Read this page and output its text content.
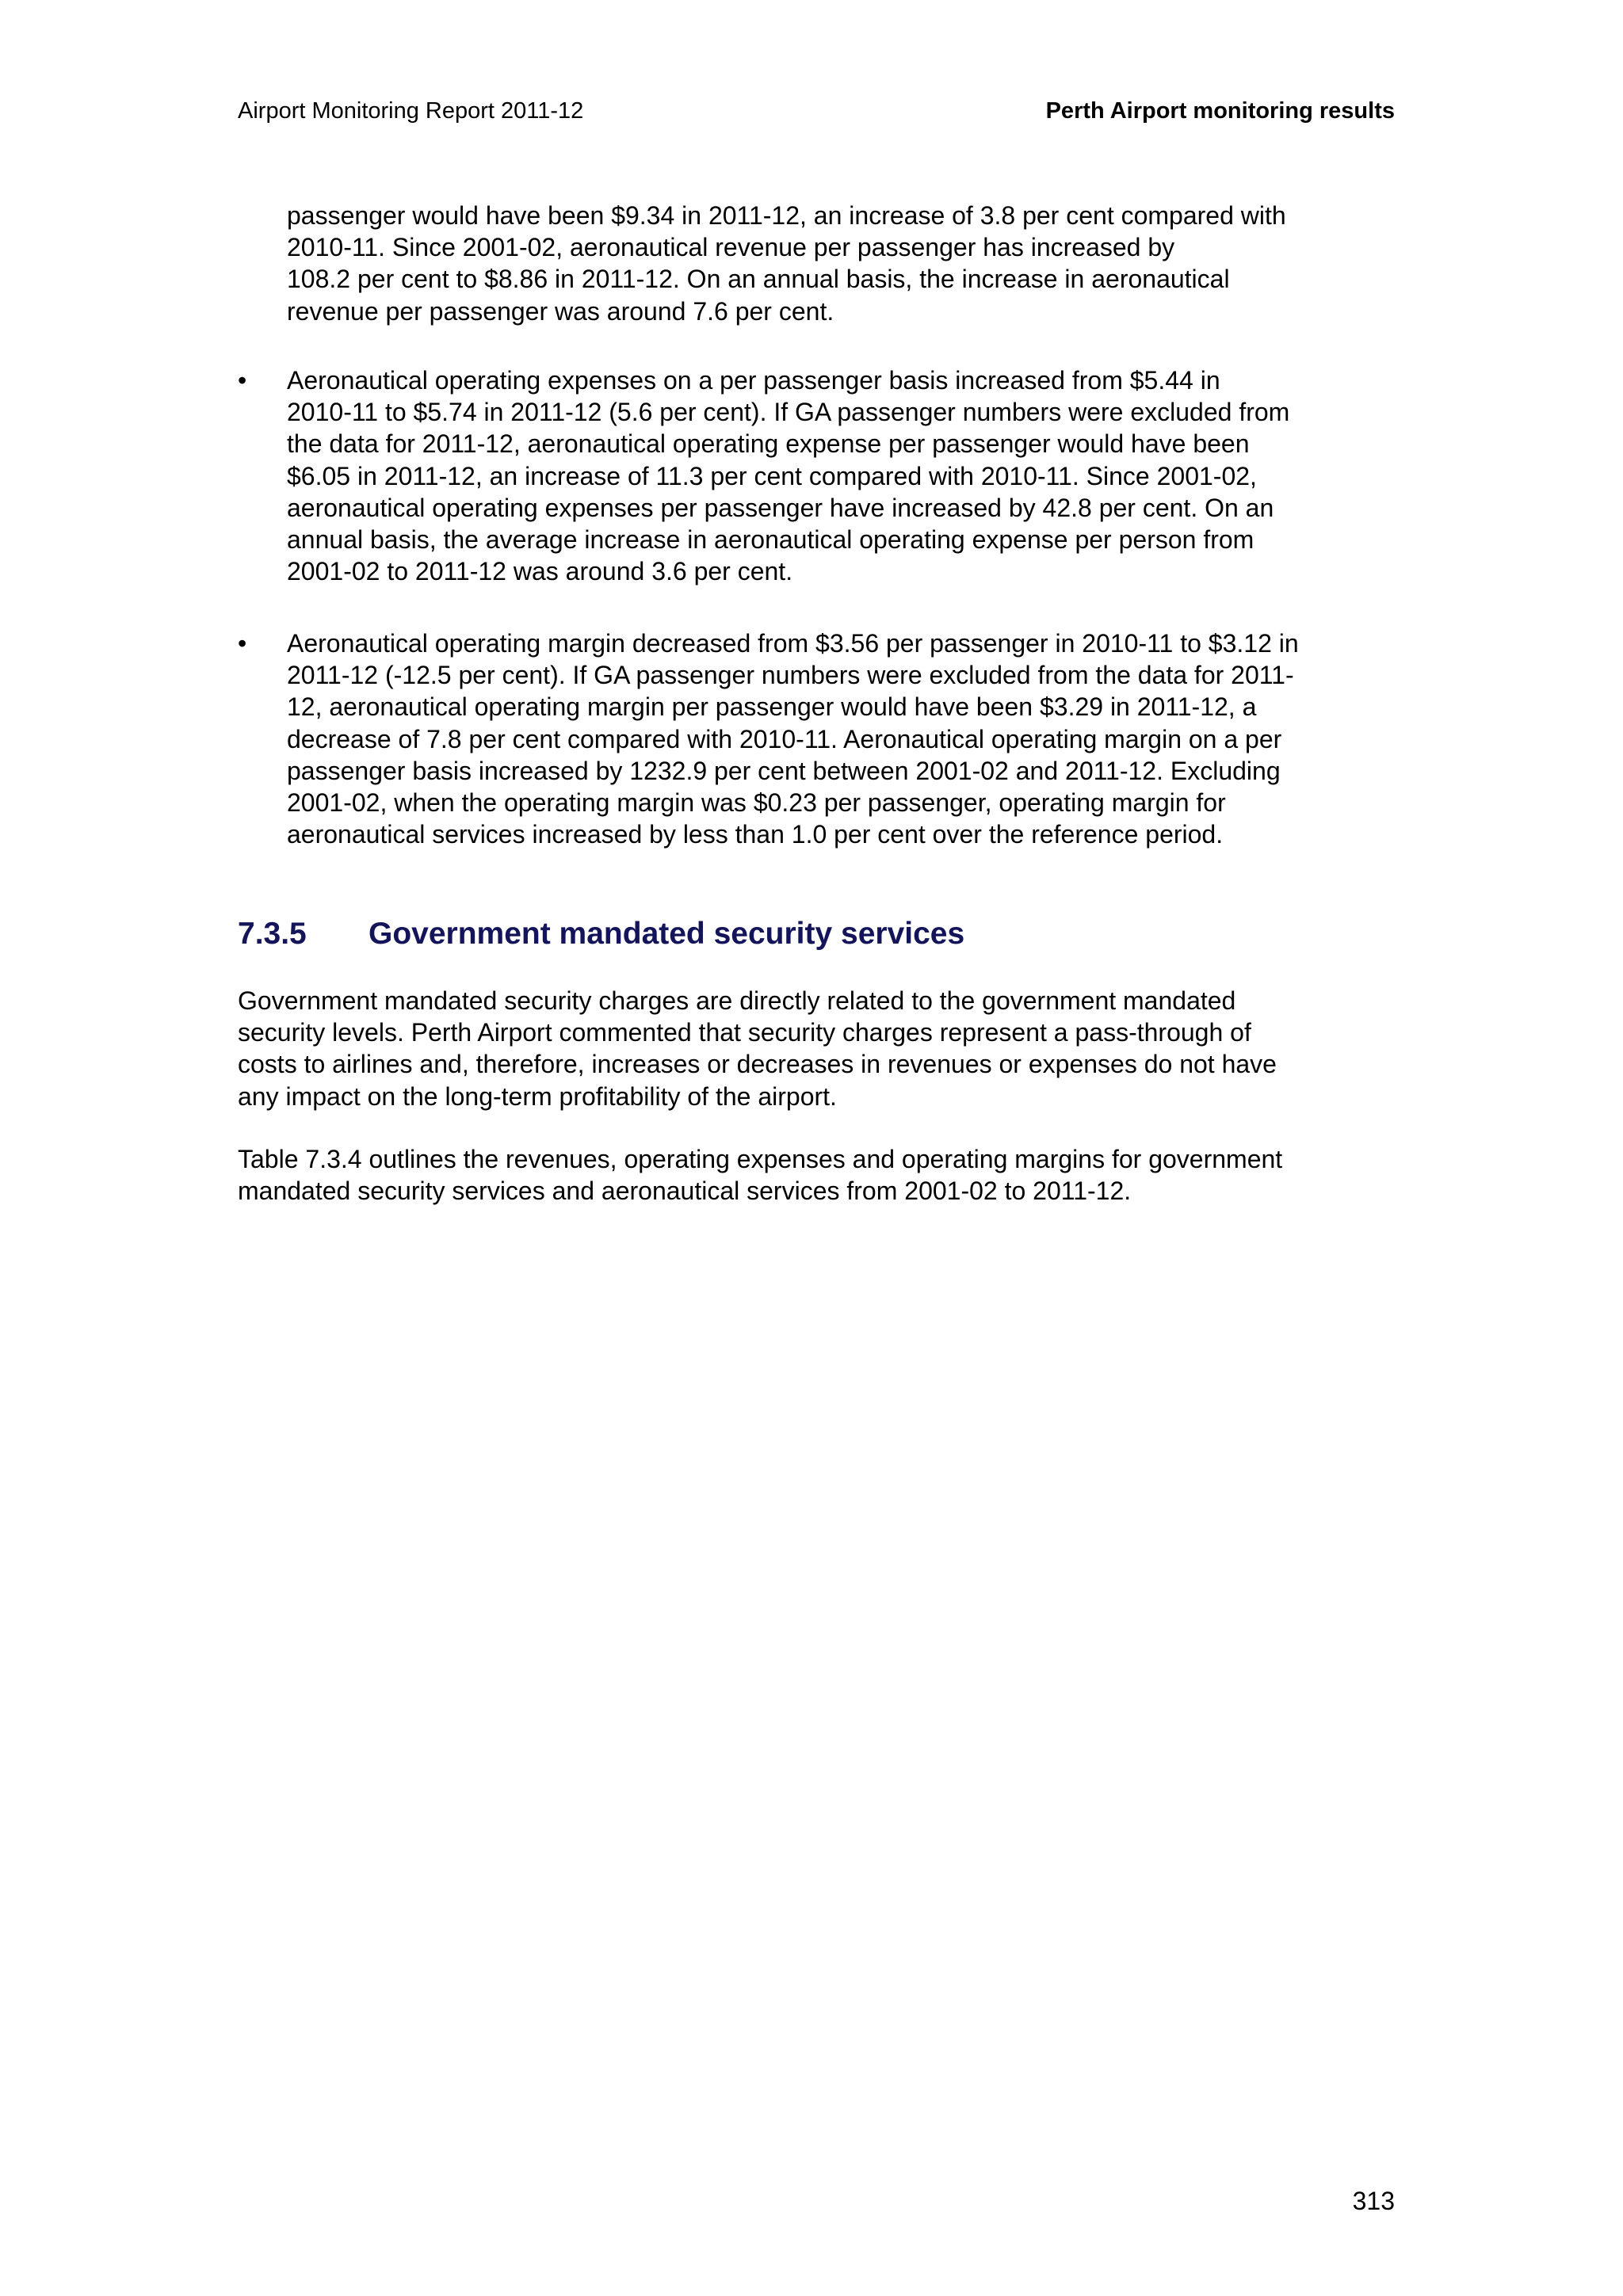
Airport Monitoring Report 2011-12	Perth Airport monitoring results
passenger would have been $9.34 in 2011-12, an increase of 3.8 per cent compared with
2010-11. Since 2001-02, aeronautical revenue per passenger has increased by
108.2 per cent to $8.86 in 2011-12. On an annual basis, the increase in aeronautical
revenue per passenger was around 7.6 per cent.
• Aeronautical operating expenses on a per passenger basis increased from $5.44 in
2010-11 to $5.74 in 2011-12 (5.6 per cent). If GA passenger numbers were excluded from
the data for 2011-12, aeronautical operating expense per passenger would have been
$6.05 in 2011-12, an increase of 11.3 per cent compared with 2010-11. Since 2001-02,
aeronautical operating expenses per passenger have increased by 42.8 per cent. On an
annual basis, the average increase in aeronautical operating expense per person from
2001-02 to 2011-12 was around 3.6 per cent.
• Aeronautical operating margin decreased from $3.56 per passenger in 2010-11 to $3.12 in
2011-12 (-12.5 per cent). If GA passenger numbers were excluded from the data for 2011-
12, aeronautical operating margin per passenger would have been $3.29 in 2011-12, a
decrease of 7.8 per cent compared with 2010-11. Aeronautical operating margin on a per
passenger basis increased by 1232.9 per cent between 2001-02 and 2011-12. Excluding
2001-02, when the operating margin was $0.23 per passenger, operating margin for
aeronautical services increased by less than 1.0 per cent over the reference period.
7.3.5 Government mandated security services
Government mandated security charges are directly related to the government mandated
security levels. Perth Airport commented that security charges represent a pass-through of
costs to airlines and, therefore, increases or decreases in revenues or expenses do not have
any impact on the long-term profitability of the airport.
Table 7.3.4 outlines the revenues, operating expenses and operating margins for government
mandated security services and aeronautical services from 2001-02 to 2011-12.
313
